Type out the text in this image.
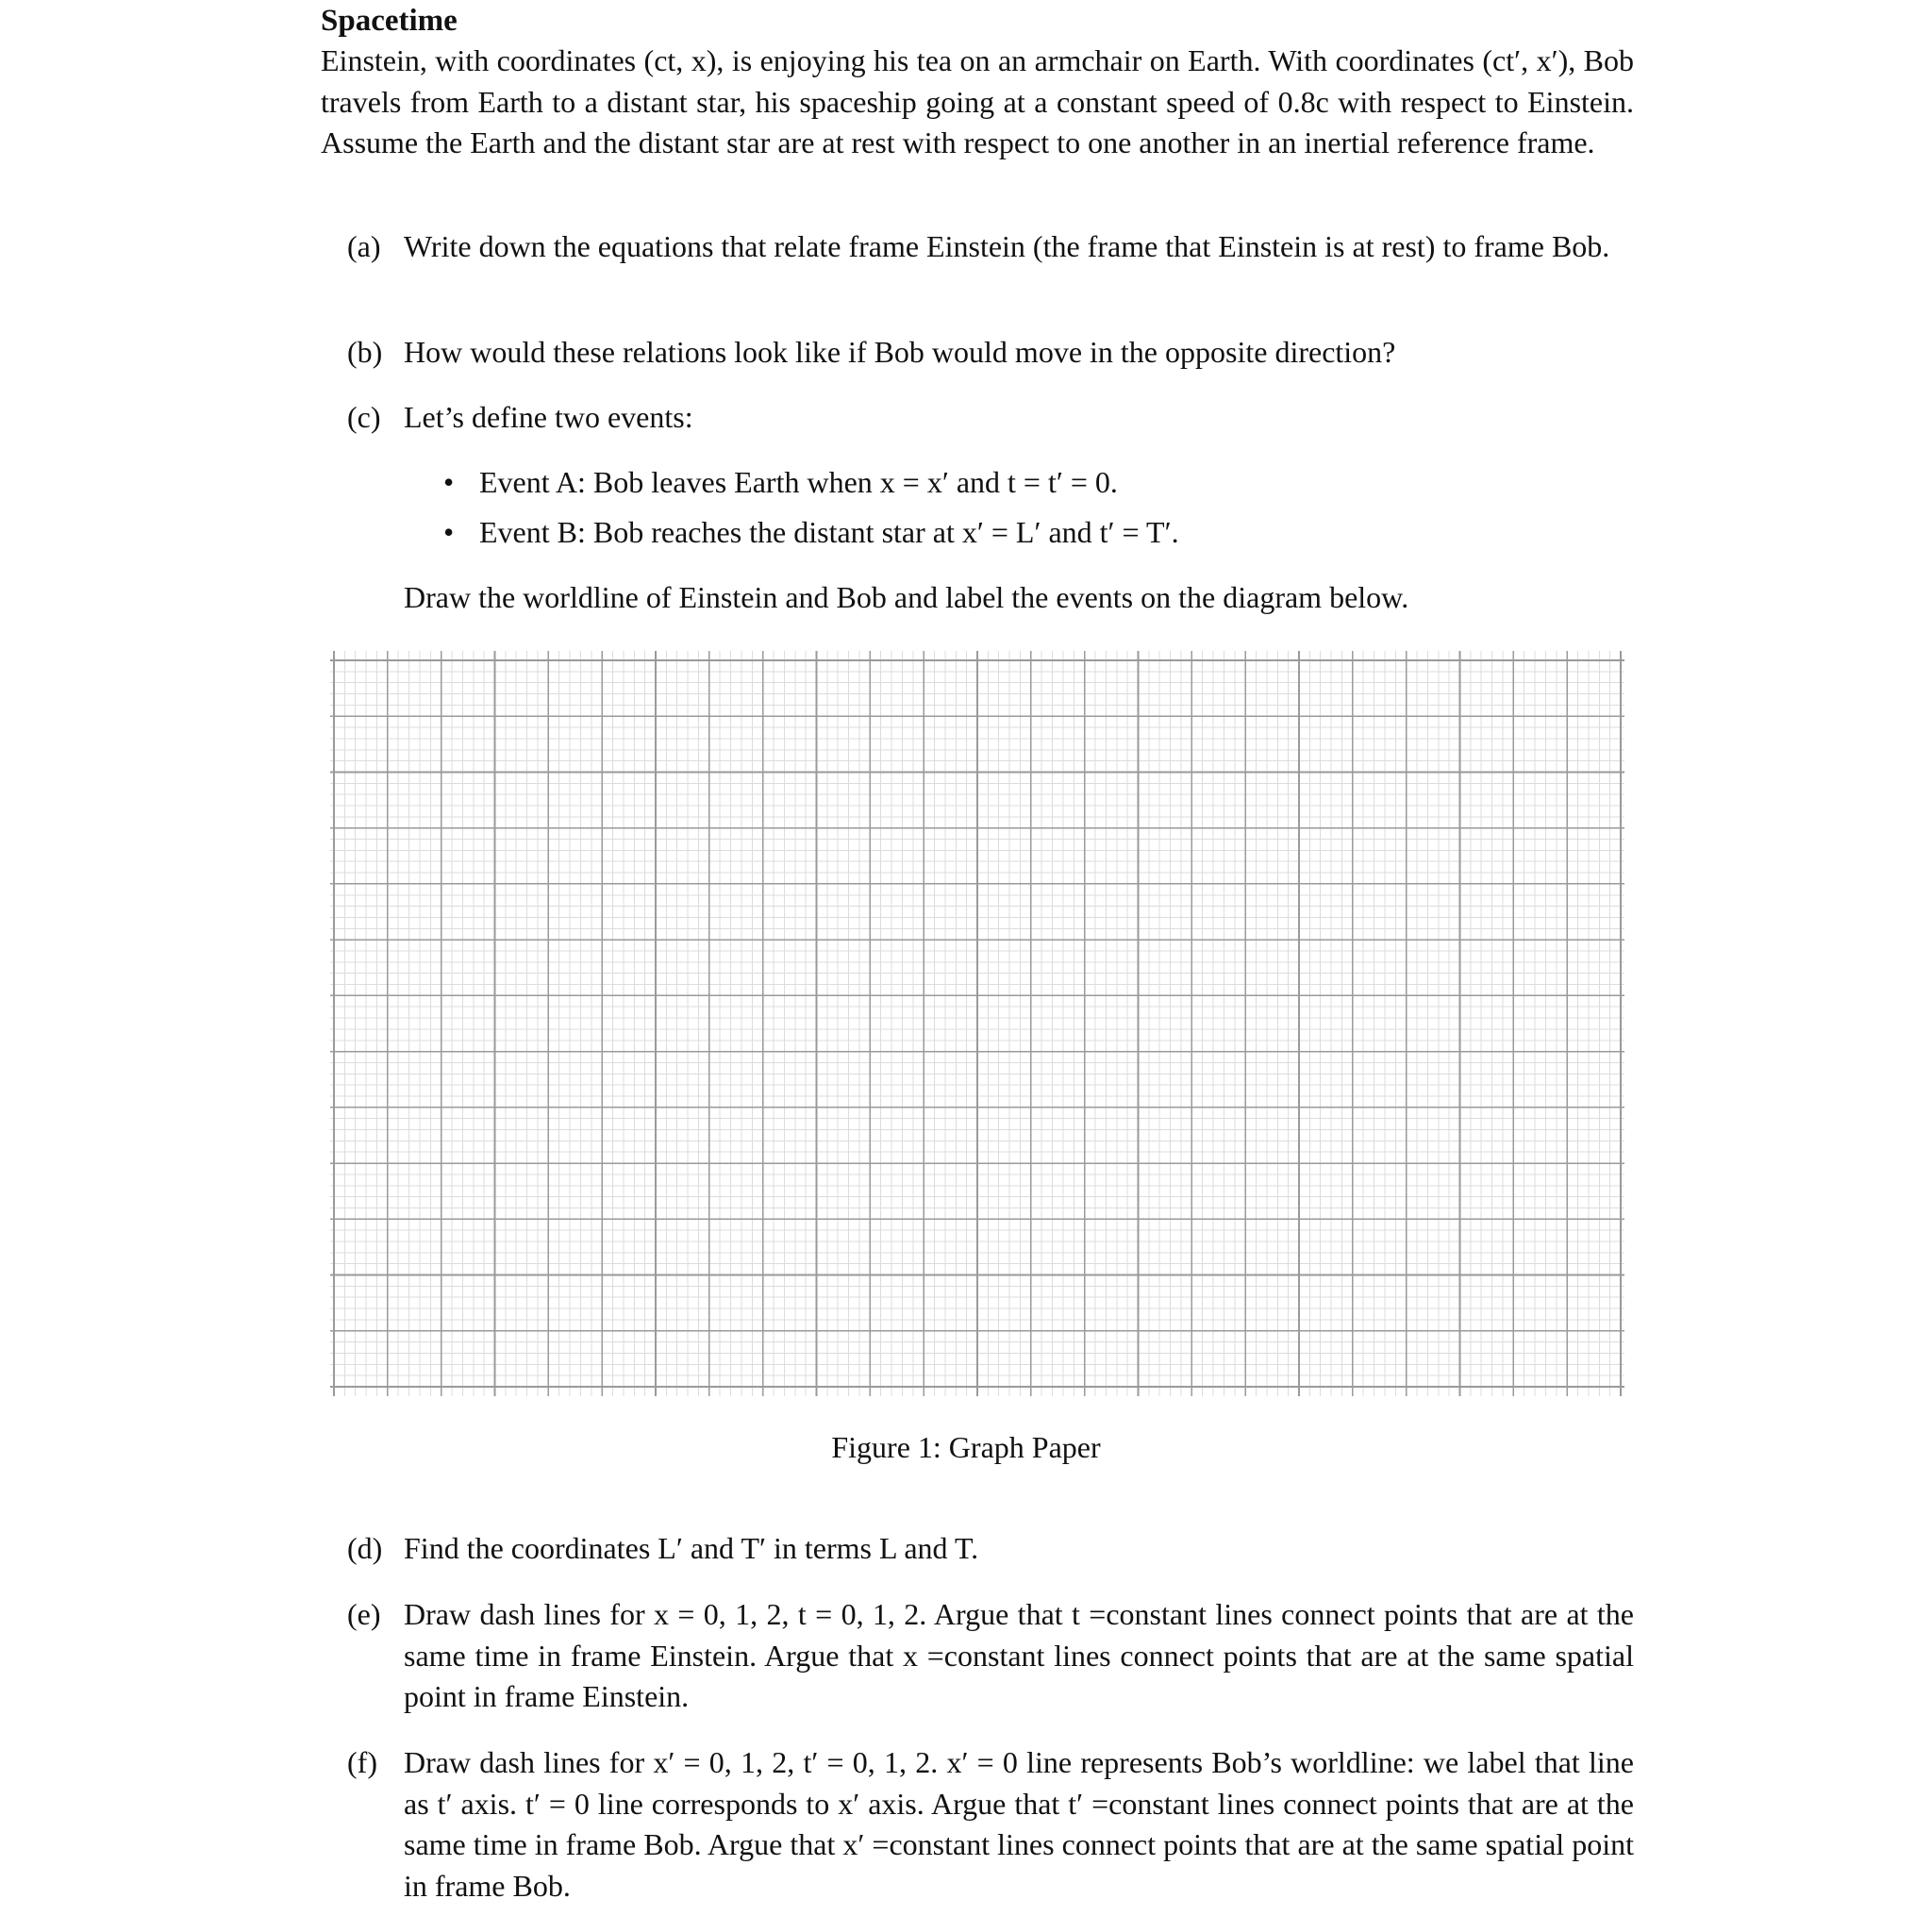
Spacetime
Einstein, with coordinates (ct, x), is enjoying his tea on an armchair on Earth. With coordinates (ct′, x′), Bob travels from Earth to a distant star, his spaceship going at a constant speed of 0.8c with respect to Einstein. Assume the Earth and the distant star are at rest with respect to one another in an inertial reference frame.
(a) Write down the equations that relate frame Einstein (the frame that Einstein is at rest) to frame Bob.
(b) How would these relations look like if Bob would move in the opposite direction?
(c) Let’s define two events:
• Event A: Bob leaves Earth when x = x′ and t = t′ = 0.
• Event B: Bob reaches the distant star at x′ = L′ and t′ = T′.
Draw the worldline of Einstein and Bob and label the events on the diagram below.
Figure 1: Graph Paper
(d) Find the coordinates L′ and T′ in terms L and T.
(e) Draw dash lines for x = 0, 1, 2, t = 0, 1, 2. Argue that t =constant lines connect points that are at the same time in frame Einstein. Argue that x =constant lines connect points that are at the same spatial point in frame Einstein.
(f) Draw dash lines for x′ = 0, 1, 2, t′ = 0, 1, 2. x′ = 0 line represents Bob’s worldline: we label that line as t′ axis. t′ = 0 line corresponds to x′ axis. Argue that t′ =constant lines connect points that are at the same time in frame Bob. Argue that x′ =constant lines connect points that are at the same spatial point in frame Bob.
